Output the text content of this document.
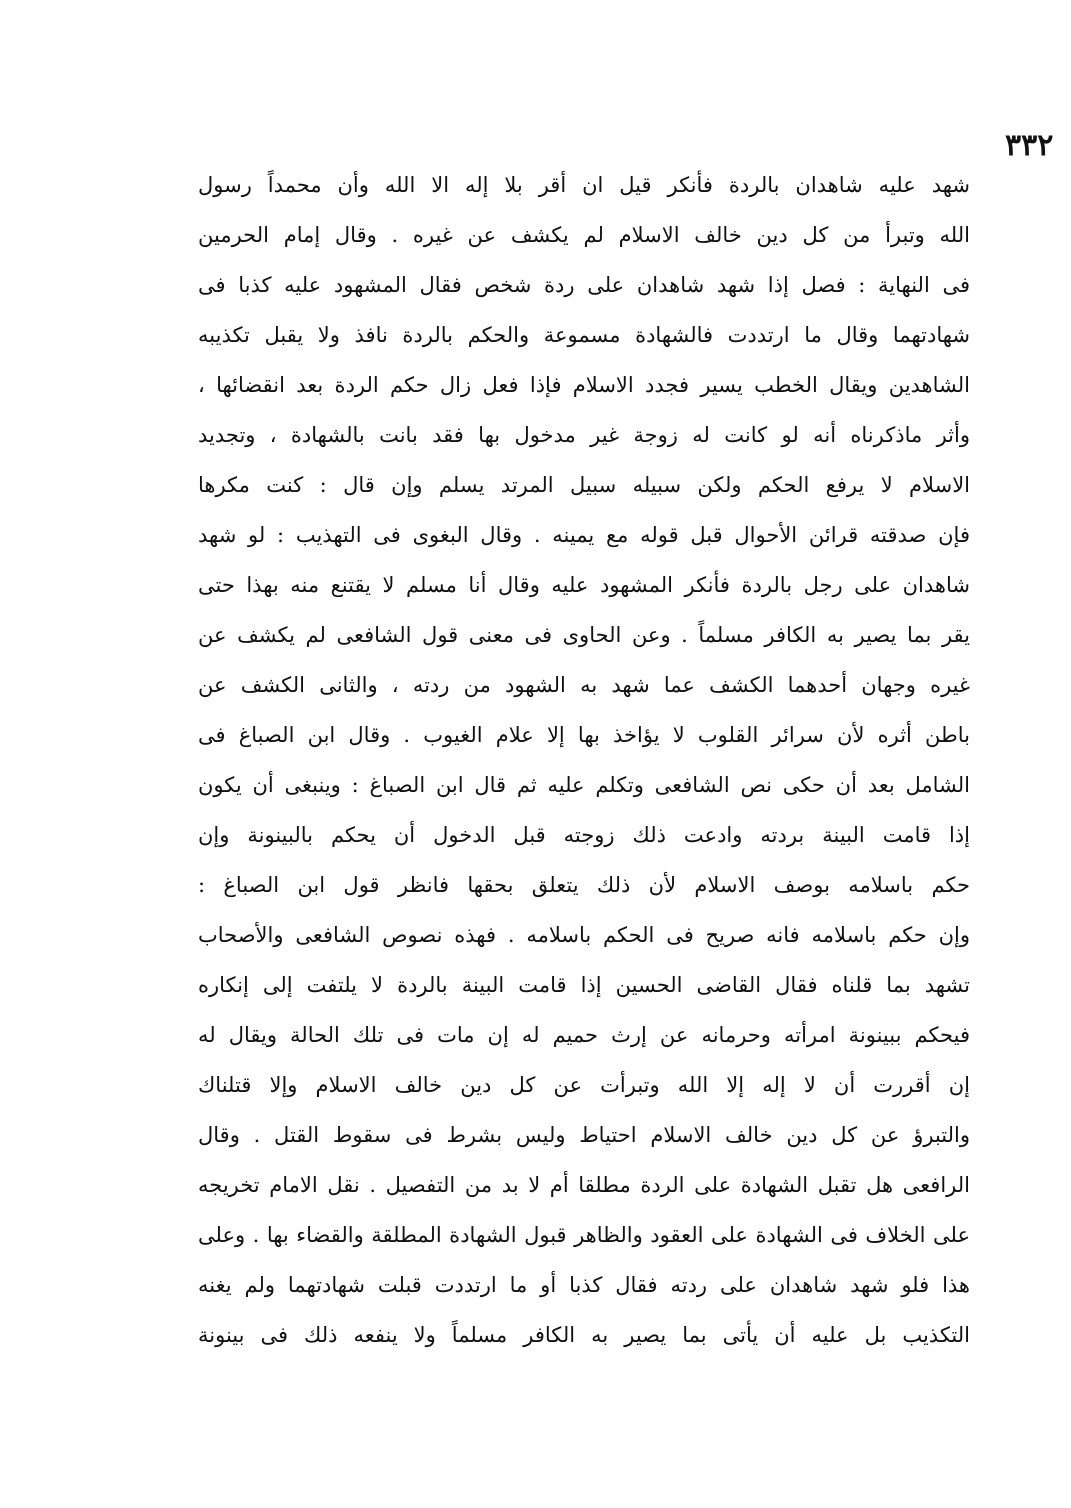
٣٣٢
شهد عليه شاهدان بالردة فأنكر قيل ان أقر بلا إله الا الله وأن محمداً رسول
الله وتبرأ من كل دين خالف الاسلام لم يكشف عن غيره . وقال إمام الحرمين
فى النهاية : فصل إذا شهد شاهدان على ردة شخص فقال المشهود عليه كذبا فى
شهادتهما وقال ما ارتددت فالشهادة مسموعة والحكم بالردة نافذ ولا يقبل تكذيبه
الشاهدين ويقال الخطب يسير فجدد الاسلام فإذا فعل زال حكم الردة بعد انقضائها ،
وأثر ماذكرناه أنه لو كانت له زوجة غير مدخول بها فقد بانت بالشهادة ، وتجديد
الاسلام لا يرفع الحكم ولكن سبيله سبيل المرتد يسلم وإن قال : كنت مكرها
فإن صدقته قرائن الأحوال قبل قوله مع يمينه . وقال البغوى فى التهذيب : لو شهد
شاهدان على رجل بالردة فأنكر المشهود عليه وقال أنا مسلم لا يقتنع منه بهذا حتى
يقر بما يصير به الكافر مسلماً . وعن الحاوى فى معنى قول الشافعى لم يكشف عن
غيره وجهان أحدهما الكشف عما شهد به الشهود من ردته ، والثانى الكشف عن
باطن أثره لأن سرائر القلوب لا يؤاخذ بها إلا علام الغيوب . وقال ابن الصباغ فى
الشامل بعد أن حكى نص الشافعى وتكلم عليه ثم قال ابن الصباغ : وينبغى أن يكون
إذا قامت البينة بردته وادعت ذلك زوجته قبل الدخول أن يحكم بالبينونة وإن
حكم باسلامه بوصف الاسلام لأن ذلك يتعلق بحقها فانظر قول ابن الصباغ :
وإن حكم باسلامه فانه صريح فى الحكم باسلامه . فهذه نصوص الشافعى والأصحاب
تشهد بما قلناه فقال القاضى الحسين إذا قامت البينة بالردة لا يلتفت إلى إنكاره
فيحكم ببينونة امرأته وحرمانه عن إرث حميم له إن مات فى تلك الحالة ويقال له
إن أقررت أن لا إله إلا الله وتبرأت عن كل دين خالف الاسلام وإلا قتلناك
والتبرؤ عن كل دين خالف الاسلام احتياط وليس بشرط فى سقوط القتل . وقال
الرافعى هل تقبل الشهادة على الردة مطلقا أم لا بد من التفصيل . نقل الامام تخريجه
على الخلاف فى الشهادة على العقود والظاهر قبول الشهادة المطلقة والقضاء بها . وعلى
هذا فلو شهد شاهدان على ردته فقال كذبا أو ما ارتددت قبلت شهادتهما ولم يغنه
التكذيب بل عليه أن يأتى بما يصير به الكافر مسلماً ولا ينفعه ذلك فى بينونة
